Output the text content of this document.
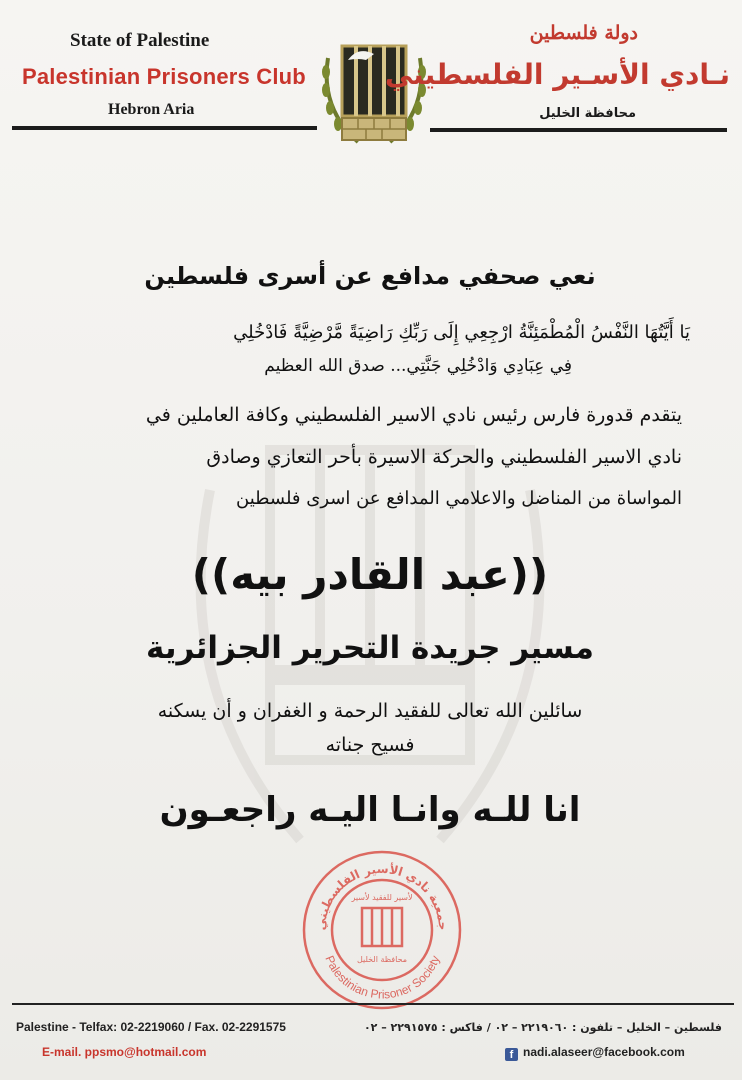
State of Palestine
Palestinian Prisoners Club
Hebron Aria
دولة فلسطين
نـادي الأسـير الفلسطيني
محافظة الخليل
نعي صحفي مدافع عن أسرى فلسطين
يَا أَيَّتُهَا النَّفْسُ الْمُطْمَئِنَّةُ ارْجِعِي إِلَى رَبِّكِ رَاضِيَةً مَّرْضِيَّةً فَادْخُلِي
فِي عِبَادِي وَادْخُلِي جَنَّتِي... صدق الله العظيم
يتقدم قدورة فارس رئيس نادي الاسير الفلسطيني وكافة العاملين في
نادي الاسير الفلسطيني والحركة الاسيرة بأحر التعازي وصادق
المواساة من المناضل والاعلامي المدافع عن اسرى فلسطين
((عبد القادر بيه))
مسير جريدة التحرير الجزائرية
سائلين الله تعالى للفقيد الرحمة و الغفران و أن يسكنه
فسيح جناته
انا للـه وانـا اليـه راجعـون
جمعية نادي الأسير الفلسطيني
Palestinian Prisoner Society
لأسير للفقيد لأسير
محافظة الخليل
Palestine - Telfax: 02-2219060 / Fax. 02-2291575
E-mail. ppsmo@hotmail.com
فلسطين – الخليل – تلفون : ٢٢١٩٠٦٠ – ٠٢ / فاكس : ٢٢٩١٥٧٥ – ٠٢
f nadi.alaseer@facebook.com
